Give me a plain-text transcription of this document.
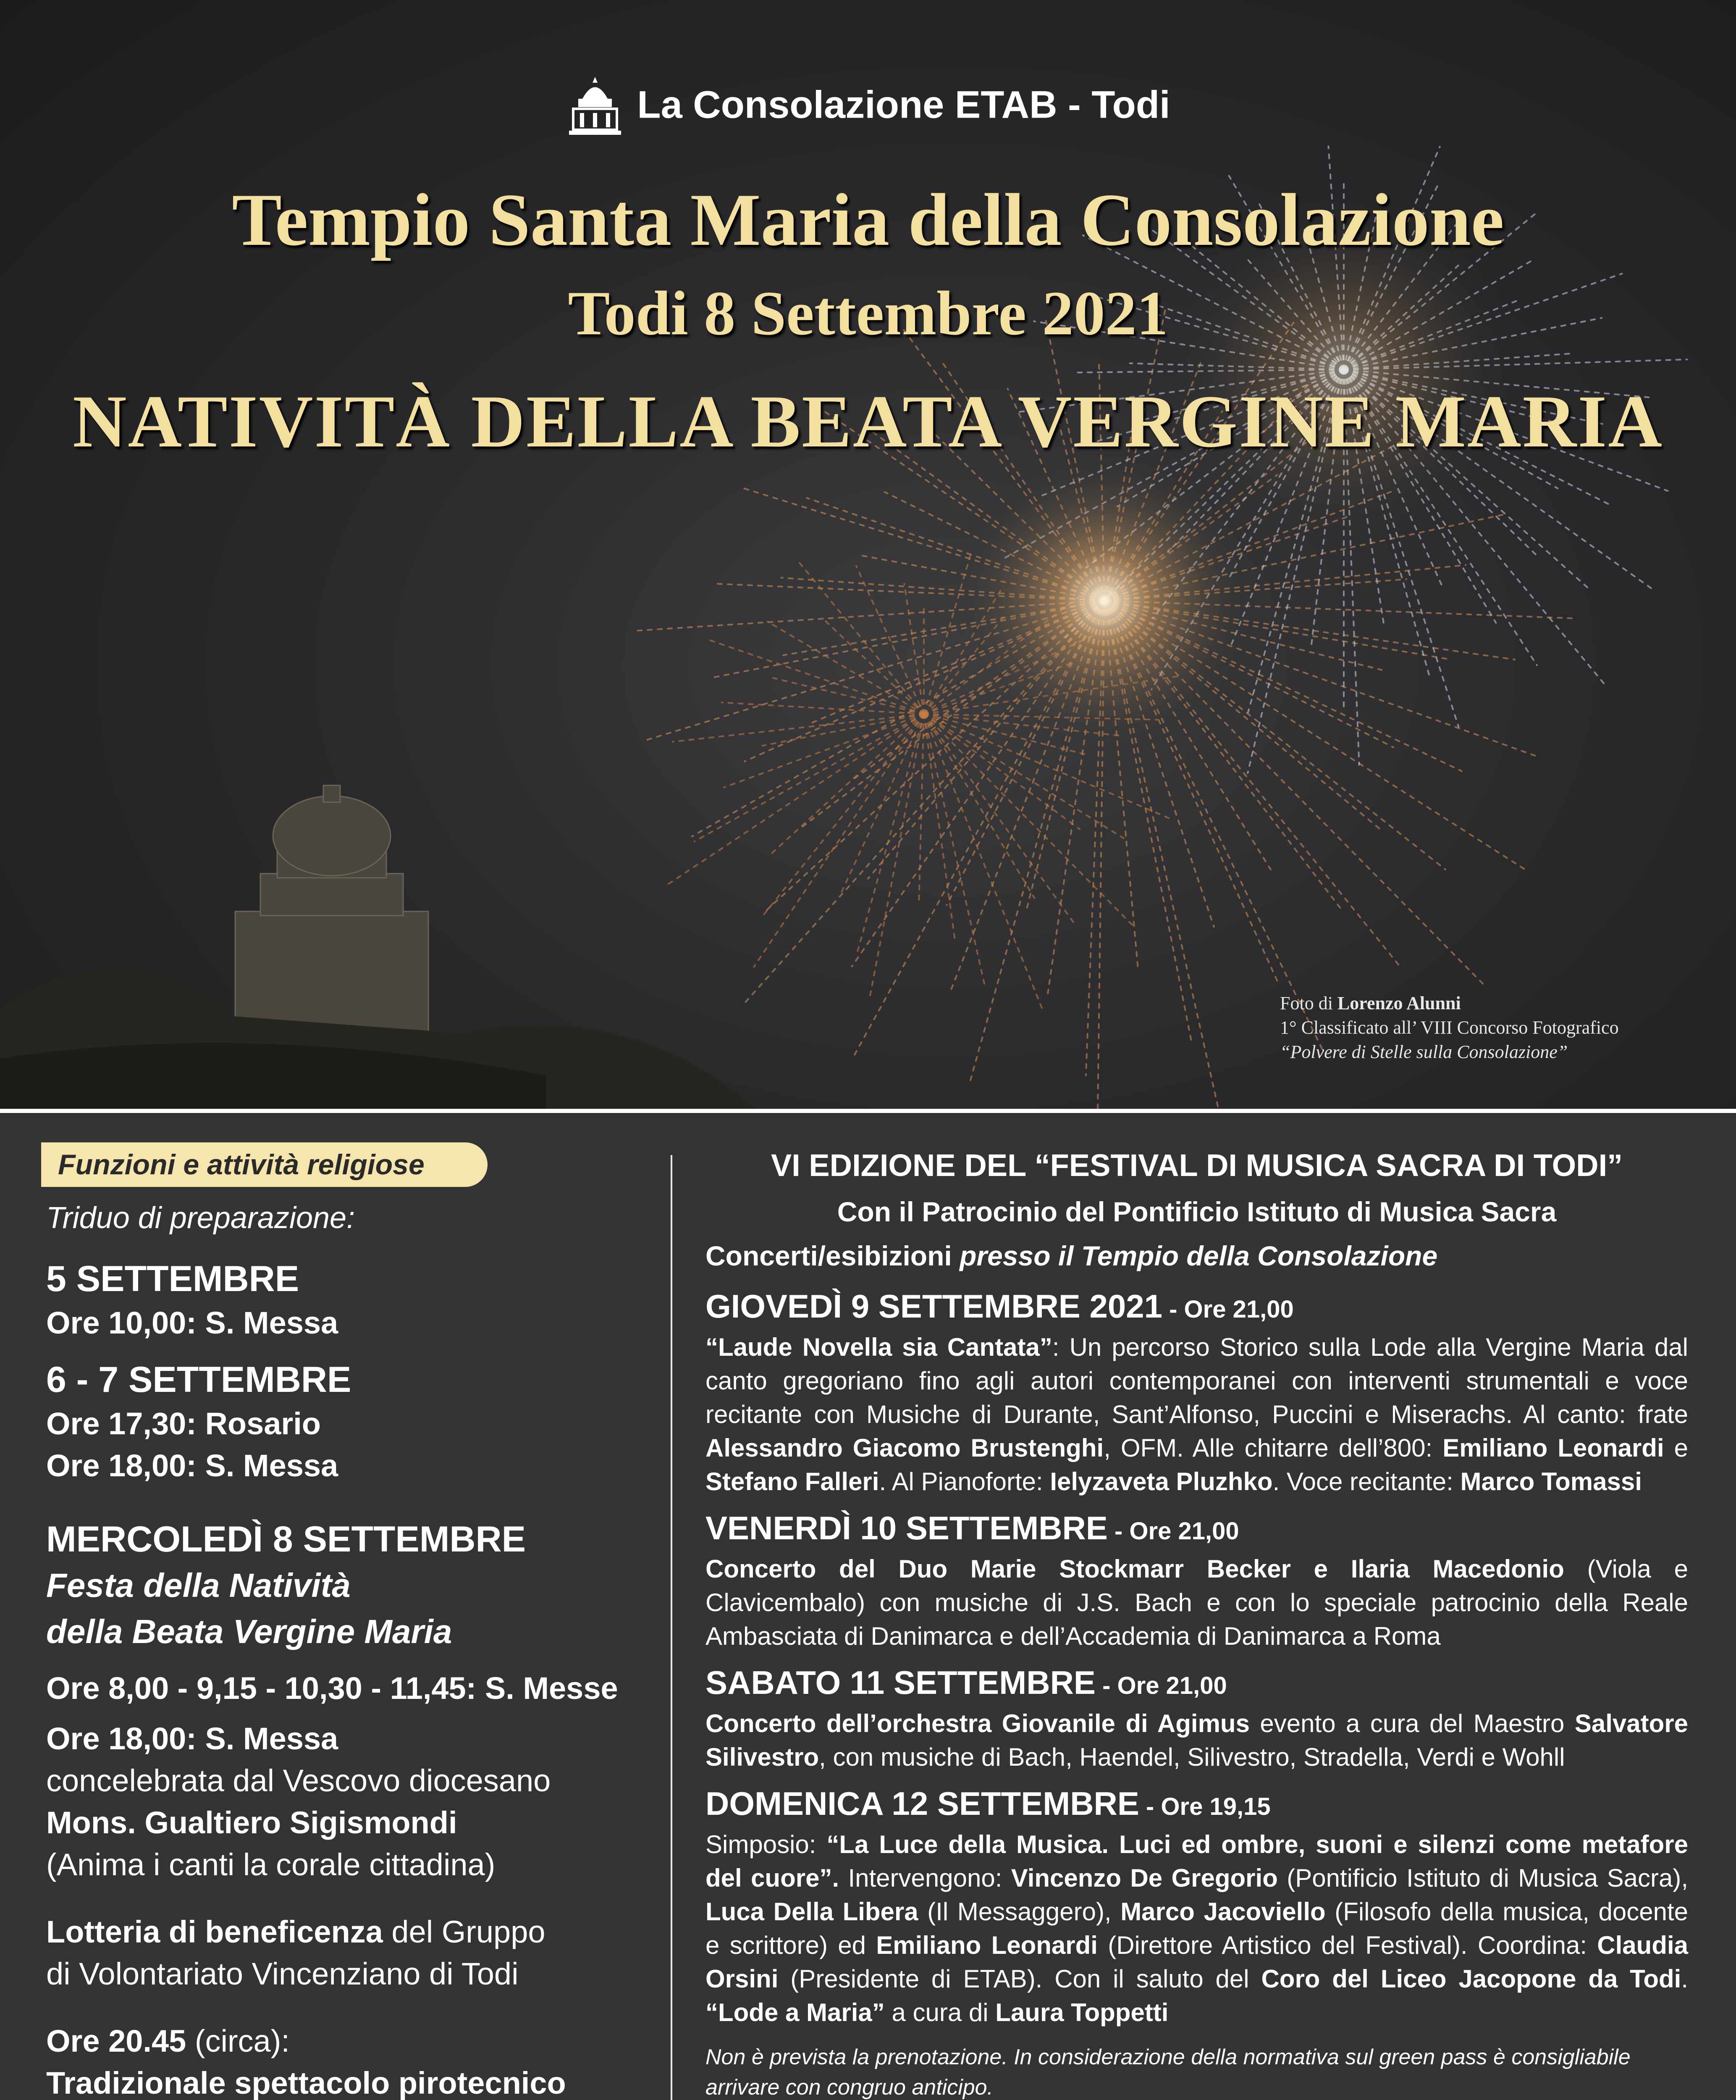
La Consolazione ETAB - Todi
Tempio Santa Maria della Consolazione
Todi 8 Settembre 2021
NATIVITÀ DELLA BEATA VERGINE MARIA
Foto di Lorenzo Alunni
1° Classificato all’ VIII Concorso Fotografico
“Polvere di Stelle sulla Consolazione”
Funzioni e attività religiose

Triduo di preparazione:

5 SETTEMBRE

Ore 10,00: S. Messa

6 - 7 SETTEMBRE

Ore 17,30: Rosario

Ore 18,00: S. Messa

MERCOLEDÌ 8 SETTEMBRE

Festa della Natività

della Beata Vergine Maria

Ore 8,00 - 9,15 - 10,30 - 11,45: S. Messe

Ore 18,00: S. Messa

concelebrata dal Vescovo diocesano

Mons. Gualtiero Sigismondi

(Anima i canti la corale cittadina)

Lotteria di beneficenza del Gruppo

di Volontariato Vincenziano di Todi

Ore 20.45 (circa):

Tradizionale spettacolo pirotecnico

VI EDIZIONE DEL “FESTIVAL DI MUSICA SACRA DI TODI”
Con il Patrocinio del Pontificio Istituto di Musica Sacra
Concerti/esibizioni presso il Tempio della Consolazione
GIOVEDÌ 9 SETTEMBRE 2021 - Ore 21,00
“Laude Novella sia Cantata”: Un percorso Storico sulla Lode alla Vergine Maria dal canto gregoriano fino agli autori contemporanei con interventi strumentali e voce recitante con Musiche di Durante, Sant’Alfonso, Puccini e Miserachs. Al canto: frate Alessandro Giacomo Brustenghi, OFM. Alle chitarre dell’800: Emiliano Leonardi e Stefano Falleri. Al Pianoforte: Ielyzaveta Pluzhko. Voce recitante: Marco Tomassi
VENERDÌ 10 SETTEMBRE - Ore 21,00
Concerto del Duo Marie Stockmarr Becker e Ilaria Macedonio (Viola e Clavicembalo) con musiche di J.S. Bach e con lo speciale patrocinio della Reale Ambasciata di Danimarca e dell’Accademia di Danimarca a Roma
SABATO 11 SETTEMBRE - Ore 21,00
Concerto dell’orchestra Giovanile di Agimus evento a cura del Maestro Salvatore Silivestro, con musiche di Bach, Haendel, Silivestro, Stradella, Verdi e Wohll
DOMENICA 12 SETTEMBRE - Ore 19,15
Simposio: “La Luce della Musica. Luci ed ombre, suoni e silenzi come metafore del cuore”. Intervengono: Vincenzo De Gregorio (Pontificio Istituto di Musica Sacra), Luca Della Libera (Il Messaggero), Marco Jacoviello (Filosofo della musica, docente e scrittore) ed Emiliano Leonardi (Direttore Artistico del Festival). Coordina: Claudia Orsini (Presidente di ETAB). Con il saluto del Coro del Liceo Jacopone da Todi. “Lode a Maria” a cura di Laura Toppetti
Non è prevista la prenotazione. In considerazione della normativa sul green pass è consigliabile arrivare con congruo anticipo.
